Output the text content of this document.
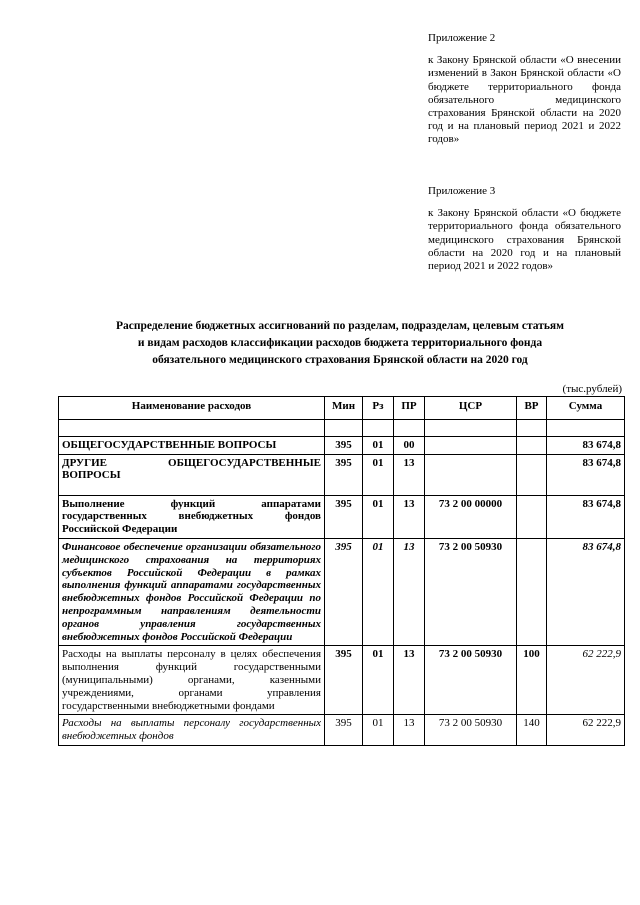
Приложение 2
к Закону Брянской области «О внесении изменений в Закон Брянской области «О бюджете территориального фонда обязательного медицинского страхования Брянской области на 2020 год и на плановый период 2021 и 2022 годов»
Приложение 3
к Закону Брянской области «О бюджете территориального фонда обязательного медицинского страхования Брянской области на 2020 год и на плановый период 2021 и 2022 годов»
Распределение бюджетных ассигнований по разделам, подразделам, целевым статьям
и видам расходов классификации расходов бюджета территориального фонда
обязательного медицинского страхования Брянской области на 2020 год
(тыс.рублей)
Наименование расходов	Мин	Рз	ПР	ЦСР	ВР	Сумма

ОБЩЕГОСУДАРСТВЕННЫЕ ВОПРОСЫ	395	01	00			83 674,8
ДРУГИЕ ОБЩЕГОСУДАРСТВЕННЫЕ ВОПРОСЫ	395	01	13			83 674,8
Выполнение функций аппаратами государственных внебюджетных фондов Российской Федерации	395	01	13	73 2 00 00000		83 674,8
Финансовое обеспечение организации обязательного медицинского страхования на территориях субъектов Российской Федерации в рамках выполнения функций аппаратами государственных внебюджетных фондов Российской Федерации по непрограммным направлениям деятельности органов управления государственных внебюджетных фондов Российской Федерации	395	01	13	73 2 00 50930		83 674,8
Расходы на выплаты персоналу в целях обеспечения выполнения функций государственными (муниципальными) органами, казенными учреждениями, органами управления государственными внебюджетными фондами	395	01	13	73 2 00 50930	100	62 222,9
Расходы на выплаты персоналу государственных внебюджетных фондов	395	01	13	73 2 00 50930	140	62 222,9
